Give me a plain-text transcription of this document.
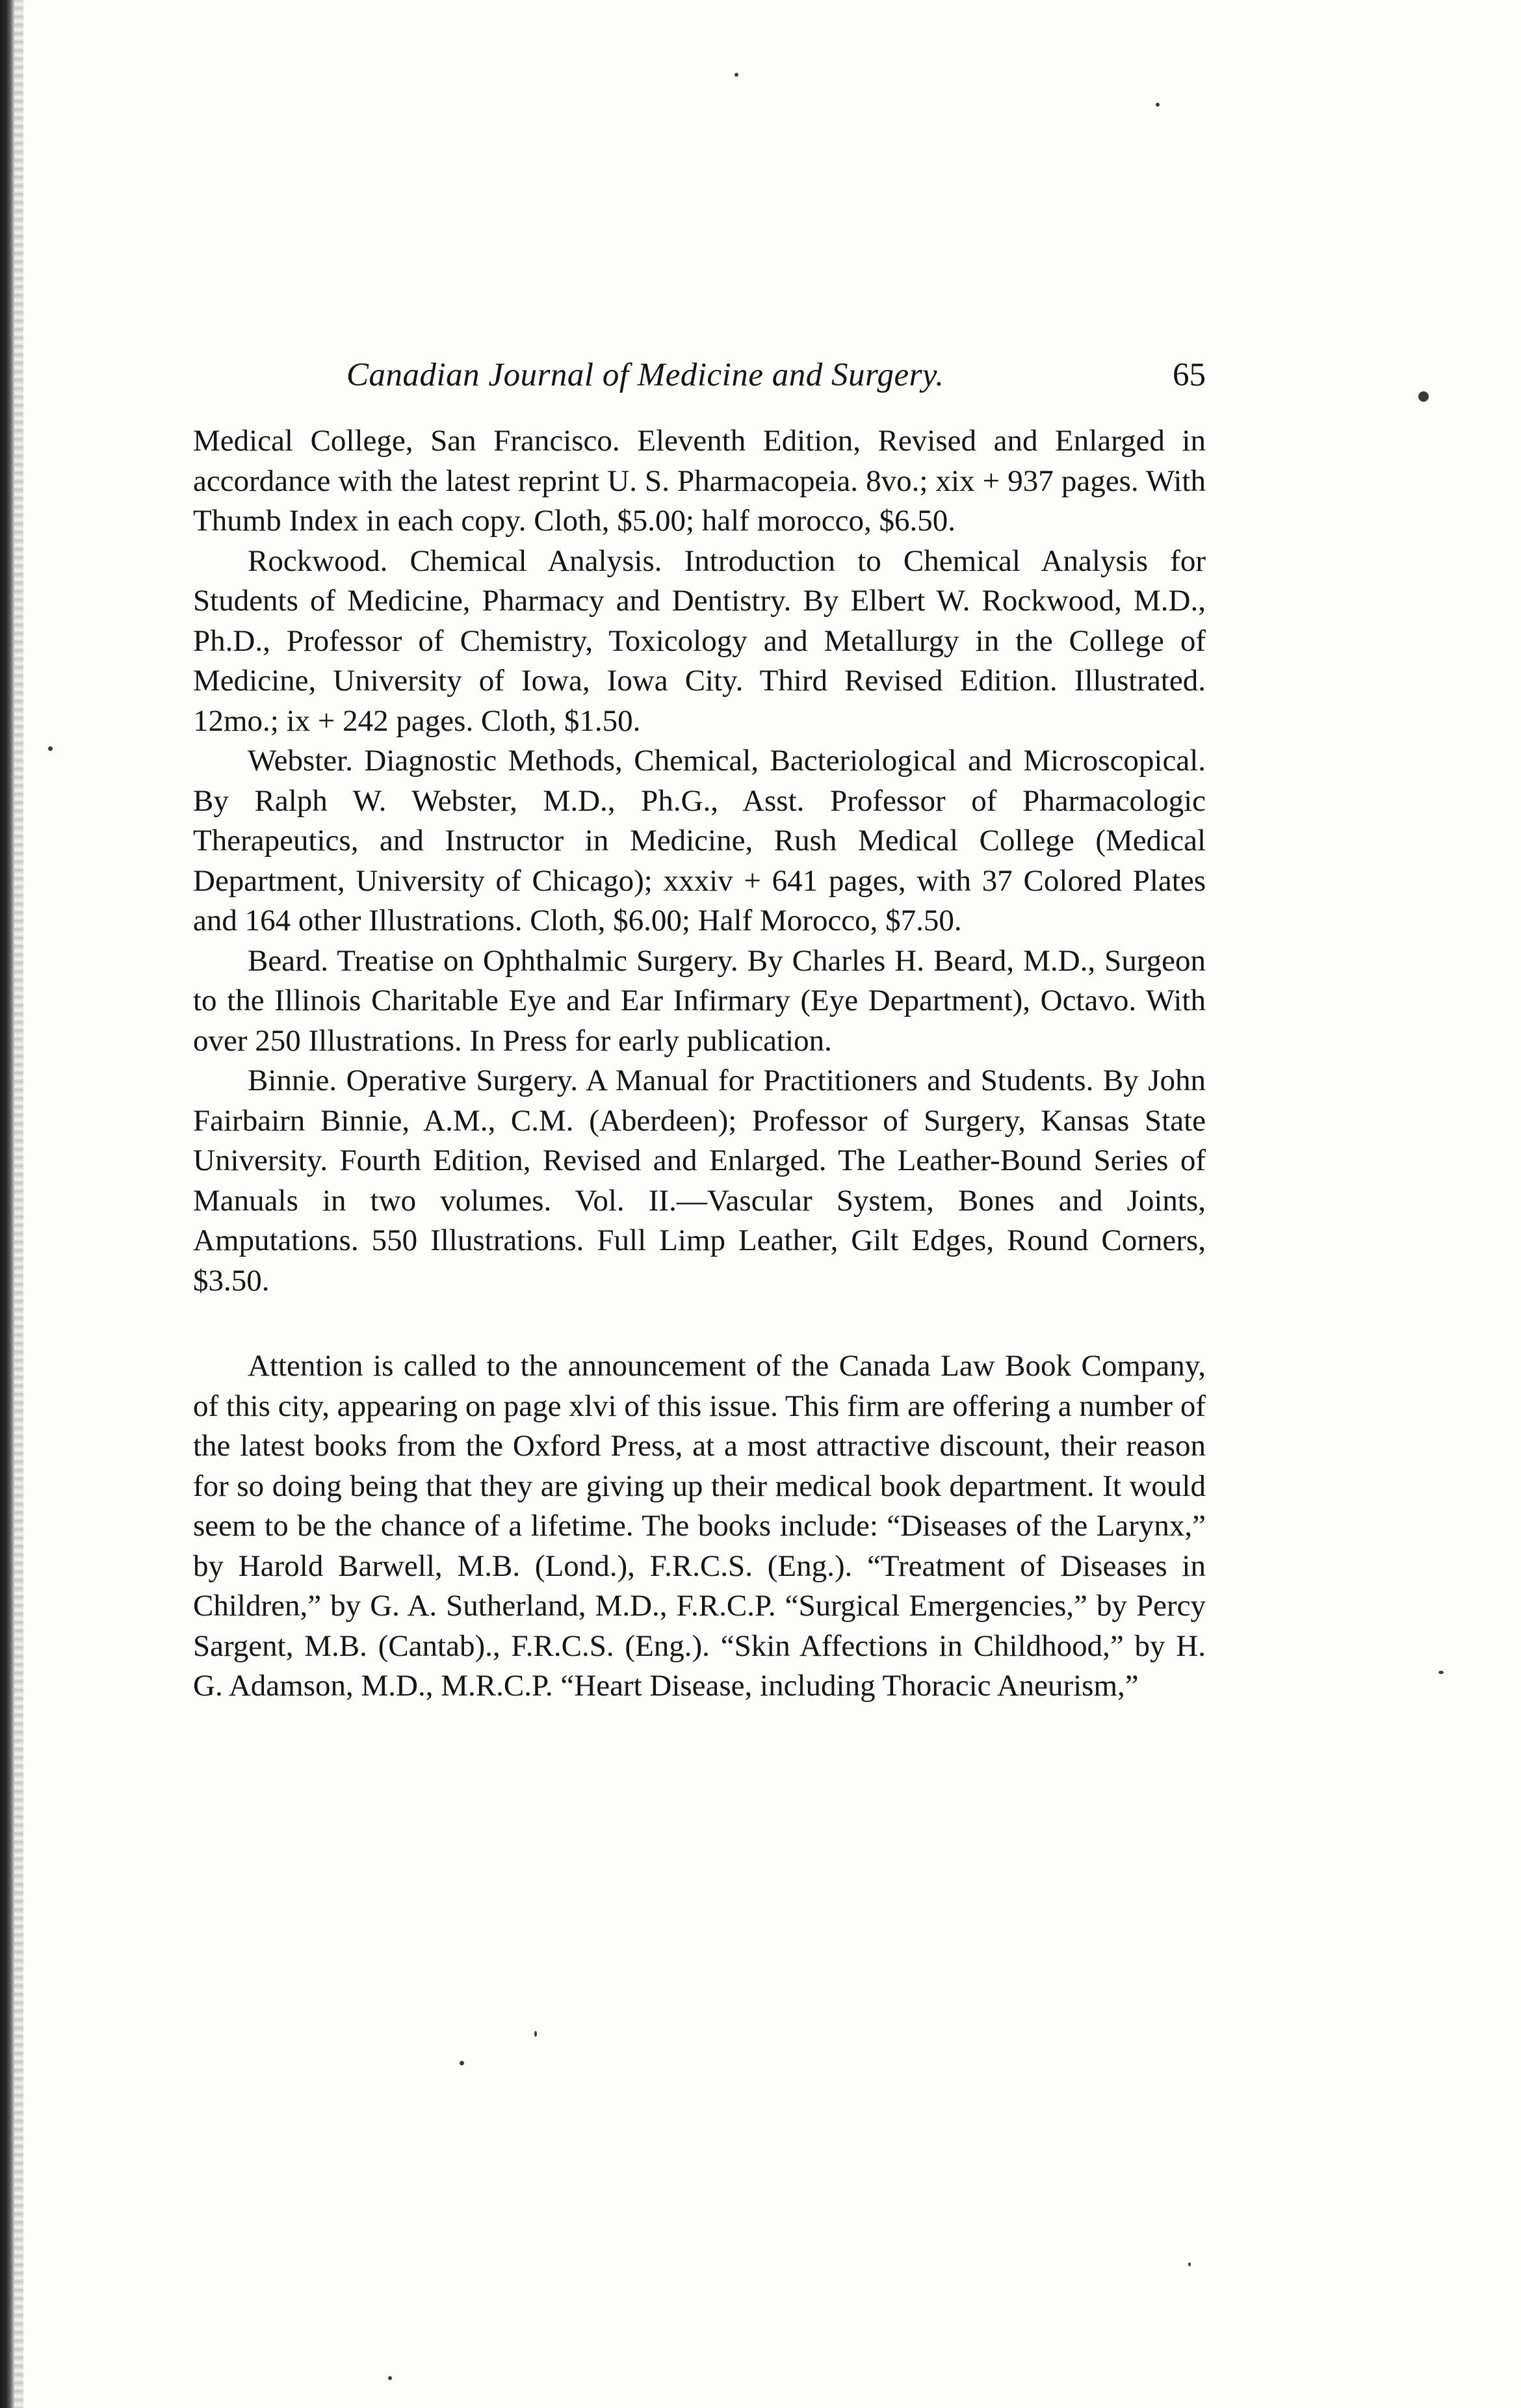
Canadian Journal of Medicine and Surgery.	65

Medical College, San Francisco. Eleventh Edition, Revised and Enlarged in accordance with the latest reprint U. S. Pharmacopeia. 8vo.; xix + 937 pages. With Thumb Index in each copy. Cloth, $5.00; half morocco, $6.50.

Rockwood. Chemical Analysis. Introduction to Chemical Analysis for Students of Medicine, Pharmacy and Dentistry. By Elbert W. Rockwood, M.D., Ph.D., Professor of Chemistry, Toxicology and Metallurgy in the College of Medicine, University of Iowa, Iowa City. Third Revised Edition. Illustrated. 12mo.; ix + 242 pages. Cloth, $1.50.

Webster. Diagnostic Methods, Chemical, Bacteriological and Microscopical. By Ralph W. Webster, M.D., Ph.G., Asst. Professor of Pharmacologic Therapeutics, and Instructor in Medicine, Rush Medical College (Medical Department, University of Chicago); xxxiv + 641 pages, with 37 Colored Plates and 164 other Illustrations. Cloth, $6.00; Half Morocco, $7.50.

Beard. Treatise on Ophthalmic Surgery. By Charles H. Beard, M.D., Surgeon to the Illinois Charitable Eye and Ear Infirmary (Eye Department), Octavo. With over 250 Illustrations. In Press for early publication.

Binnie. Operative Surgery. A Manual for Practitioners and Students. By John Fairbairn Binnie, A.M., C.M. (Aberdeen); Professor of Surgery, Kansas State University. Fourth Edition, Revised and Enlarged. The Leather-Bound Series of Manuals in two volumes. Vol. II.—Vascular System, Bones and Joints, Amputations. 550 Illustrations. Full Limp Leather, Gilt Edges, Round Corners, $3.50.

Attention is called to the announcement of the Canada Law Book Company, of this city, appearing on page xlvi of this issue. This firm are offering a number of the latest books from the Oxford Press, at a most attractive discount, their reason for so doing being that they are giving up their medical book department. It would seem to be the chance of a lifetime. The books include: “Diseases of the Larynx,” by Harold Barwell, M.B. (Lond.), F.R.C.S. (Eng.). “Treatment of Diseases in Children,” by G. A. Sutherland, M.D., F.R.C.P. “Surgical Emergencies,” by Percy Sargent, M.B. (Cantab)., F.R.C.S. (Eng.). “Skin Affections in Childhood,” by H. G. Adamson, M.D., M.R.C.P. “Heart Disease, including Thoracic Aneurism,”
